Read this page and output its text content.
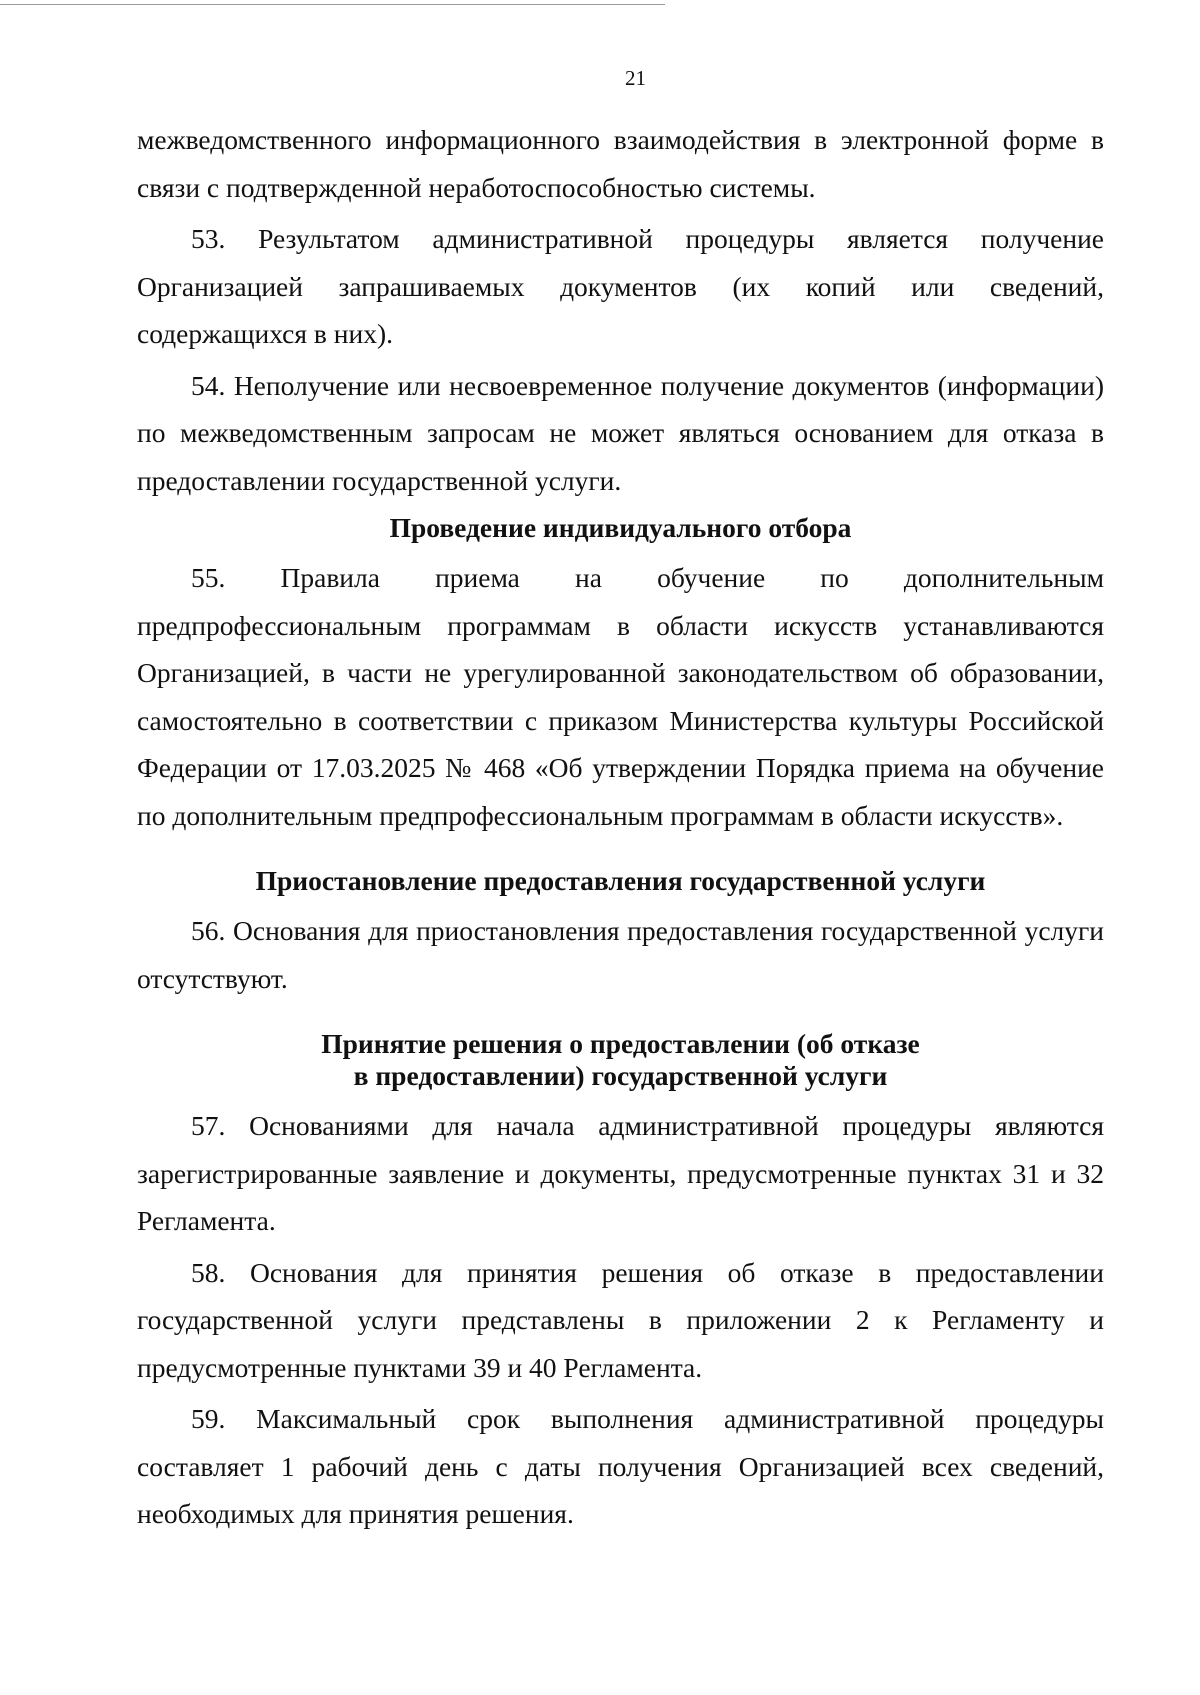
21

межведомственного информационного взаимодействия в электронной форме в связи с подтвержденной неработоспособностью системы.

53. Результатом административной процедуры является получение Организацией запрашиваемых документов (их копий или сведений, содержащихся в них).

54. Неполучение или несвоевременное получение документов (информации) по межведомственным запросам не может являться основанием для отказа в предоставлении государственной услуги.

Проведение индивидуального отбора

55. Правила приема на обучение по дополнительным предпрофессиональным программам в области искусств устанавливаются Организацией, в части не урегулированной законодательством об образовании, самостоятельно в соответствии с приказом Министерства культуры Российской Федерации от 17.03.2025 № 468 «Об утверждении Порядка приема на обучение по дополнительным предпрофессиональным программам в области искусств».

Приостановление предоставления государственной услуги

56. Основания для приостановления предоставления государственной услуги отсутствуют.

Принятие решения о предоставлении (об отказе
в предоставлении) государственной услуги

57. Основаниями для начала административной процедуры являются зарегистрированные заявление и документы, предусмотренные пунктах 31 и 32 Регламента.

58. Основания для принятия решения об отказе в предоставлении государственной услуги представлены в приложении 2 к Регламенту и предусмотренные пунктами 39 и 40 Регламента.

59. Максимальный срок выполнения административной процедуры составляет 1 рабочий день с даты получения Организацией всех сведений, необходимых для принятия решения.
